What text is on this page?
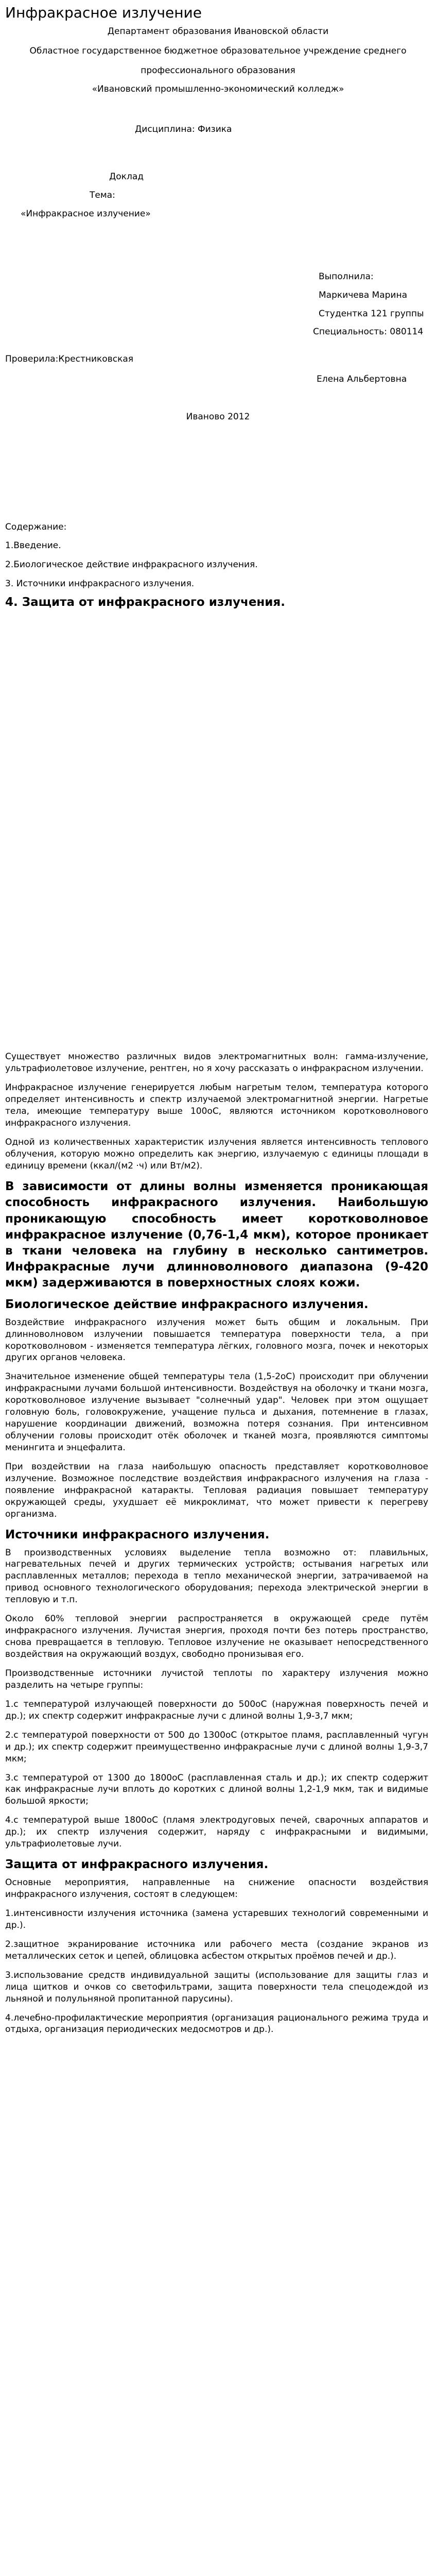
Инфракрасное излучение
Департамент образования Ивановской области
Областное государственное бюджетное образовательное учреждение среднего
профессионального образования
«Ивановский промышленно-экономический колледж»
Дисциплина: Физика
Доклад
Тема:
«Инфракрасное излучение»
Выполнила:
Маркичева Марина
Студентка 121 группы
Специальность: 080114
Проверила:Крестниковская
Елена Альбертовна
Иваново 2012
Содержание:
1.Введение.
2.Биологическое действие инфракрасного излучения.
3. Источники инфракрасного излучения.
4. Защита от инфракрасного излучения.

Существует множество различных видов электромагнитных волн: гамма-излучение, ультрафиолетовое излучение, рентген, но я хочу рассказать о инфракрасном излучении.

Инфракрасное излучение генерируется любым нагретым телом, температура которого определяет интенсивность и спектр излучаемой электромагнитной энергии. Нагретые тела, имеющие температуру выше 100оС, являются источником коротковолнового инфракрасного излучения.

Одной из количественных характеристик излучения является интенсивность теплового облучения, которую можно определить как энергию, излучаемую с единицы площади в единицу времени (ккал/(м2 ·ч) или Вт/м2).

В зависимости от длины волны изменяется проникающая способность инфракрасного излучения. Наибольшую проникающую способность имеет коротковолновое инфракрасное излучение (0,76-1,4 мкм), которое проникает в ткани человека на глубину в несколько сантиметров. Инфракрасные лучи длинноволнового диапазона (9-420 мкм) задерживаются в поверхностных слоях кожи.
Биологическое действие инфракрасного излучения.

Воздействие инфракрасного излучения может быть общим и локальным. При длинноволновом излучении повышается температура поверхности тела, а при коротковолновом - изменяется температура лёгких, головного мозга, почек и некоторых других органов человека.

Значительное изменение общей температуры тела (1,5-2оС) происходит при облучении инфракрасными лучами большой интенсивности. Воздействуя на оболочку и ткани мозга, коротковолновое излучение вызывает "солнечный удар". Человек при этом ощущает головную боль, головокружение, учащение пульса и дыхания, потемнение в глазах, нарушение координации движений, возможна потеря сознания. При интенсивном облучении головы происходит отёк оболочек и тканей мозга, проявляются симптомы менингита и энцефалита.

При воздействии на глаза наибольшую опасность представляет коротковолновое излучение. Возможное последствие воздействия инфракрасного излучения на глаза - появление инфракрасной катаракты. Тепловая радиация повышает температуру окружающей среды, ухудшает её микроклимат, что может привести к перегреву организма.

Источники инфракрасного излучения.

В производственных условиях выделение тепла возможно от: плавильных, нагревательных печей и других термических устройств; остывания нагретых или расплавленных металлов; перехода в тепло механической энергии, затрачиваемой на привод основного технологического оборудования; перехода электрической энергии в тепловую и т.п.

Около 60% тепловой энергии распространяется в окружающей среде путём инфракрасного излучения. Лучистая энергия, проходя почти без потерь пространство, снова превращается в тепловую. Тепловое излучение не оказывает непосредственного воздействия на окружающий воздух, свободно пронизывая его.

Производственные источники лучистой теплоты по характеру излучения можно разделить на четыре группы:

1.с температурой излучающей поверхности до 500оС (наружная поверхность печей и др.); их спектр содержит инфракрасные лучи с длиной волны 1,9-3,7 мкм;

2.с температурой поверхности от 500 до 1300оС (открытое пламя, расплавленный чугун и др.); их спектр содержит преимущественно инфракрасные лучи с длиной волны 1,9-3,7 мкм;

3.с температурой от 1300 до 1800оС (расплавленная сталь и др.); их спектр содержит как инфракрасные лучи вплоть до коротких с длиной волны 1,2-1,9 мкм, так и видимые большой яркости;

4.с температурой выше 1800оС (пламя электродуговых печей, сварочных аппаратов и др.); их спектр излучения содержит, наряду с инфракрасными и видимыми, ультрафиолетовые лучи.

Защита от инфракрасного излучения.

Основные мероприятия, направленные на снижение опасности воздействия инфракрасного излучения, состоят в следующем:

1.интенсивности излучения источника (замена устаревших технологий современными и др.).

2.защитное экранирование источника или рабочего места (создание экранов из металлических сеток и цепей, облицовка асбестом открытых проёмов печей и др.).

3.использование средств индивидуальной защиты (использование для защиты глаз и лица щитков и очков со светофильтрами, защита поверхности тела спецодеждой из льняной и полульняной пропитанной парусины).

4.лечебно-профилактические мероприятия (организация рационального режима труда и отдыха, организация периодических медосмотров и др.).
